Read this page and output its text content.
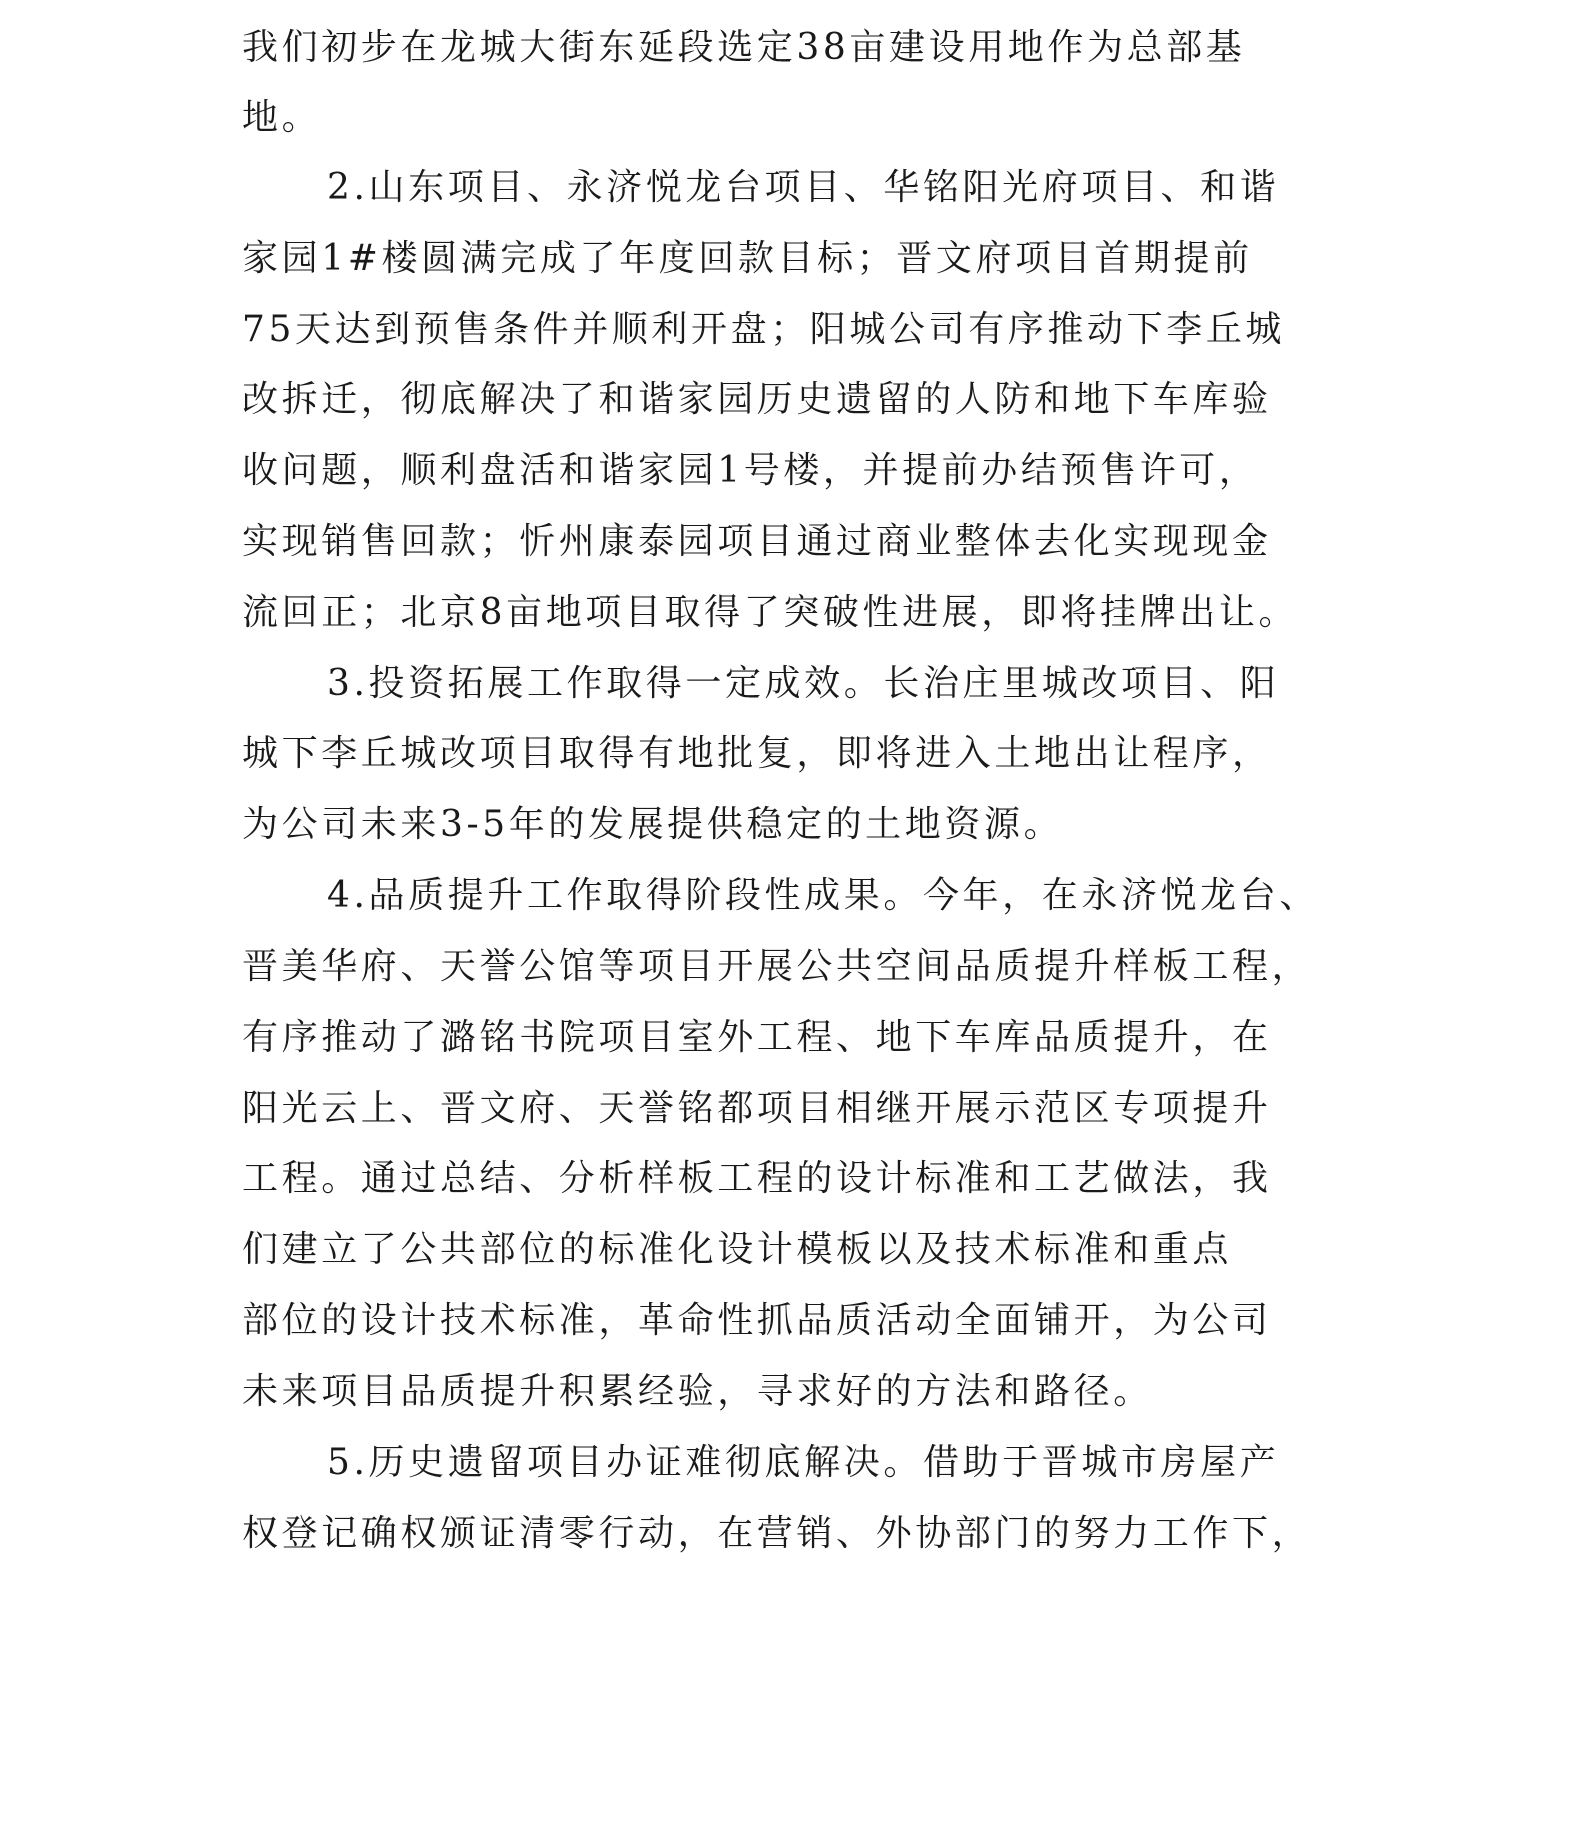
我们初步在龙城大街东延段选定38亩建设用地作为总部基
地。
2.山东项目、永济悦龙台项目、华铭阳光府项目、和谐
家园1#楼圆满完成了年度回款目标；晋文府项目首期提前
75天达到预售条件并顺利开盘；阳城公司有序推动下李丘城
改拆迁，彻底解决了和谐家园历史遗留的人防和地下车库验
收问题，顺利盘活和谐家园1号楼，并提前办结预售许可，
实现销售回款；忻州康泰园项目通过商业整体去化实现现金
流回正；北京8亩地项目取得了突破性进展，即将挂牌出让。
3.投资拓展工作取得一定成效。长治庄里城改项目、阳
城下李丘城改项目取得有地批复，即将进入土地出让程序，
为公司未来3-5年的发展提供稳定的土地资源。
4.品质提升工作取得阶段性成果。今年，在永济悦龙台、
晋美华府、天誉公馆等项目开展公共空间品质提升样板工程，
有序推动了潞铭书院项目室外工程、地下车库品质提升，在
阳光云上、晋文府、天誉铭都项目相继开展示范区专项提升
工程。通过总结、分析样板工程的设计标准和工艺做法，我
们建立了公共部位的标准化设计模板以及技术标准和重点
部位的设计技术标准，革命性抓品质活动全面铺开，为公司
未来项目品质提升积累经验，寻求好的方法和路径。
5.历史遗留项目办证难彻底解决。借助于晋城市房屋产
权登记确权颁证清零行动，在营销、外协部门的努力工作下，
